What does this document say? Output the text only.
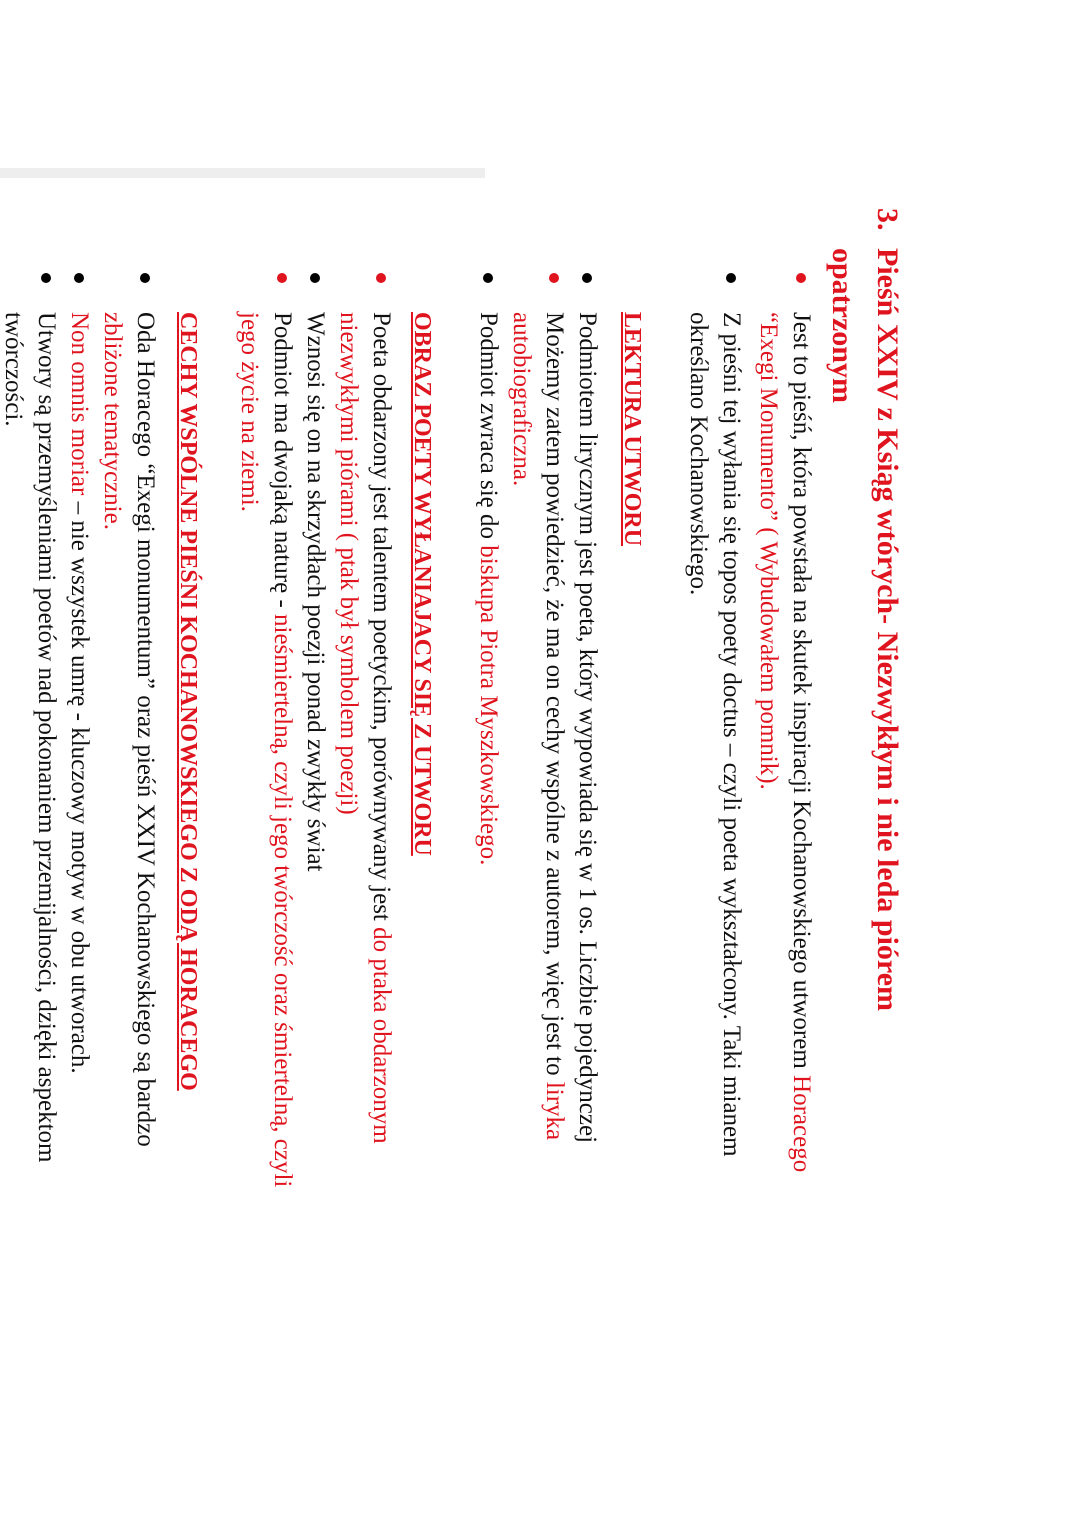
3.Pieśń XXIV z Ksiąg wtórych- Niezwykłym i nie leda piórem
opatrzonym
Jest to pieśń, która powstała na skutek inspiracji Kochanowskiego utworem Horacego “Exegi Monumento” ( Wybudowałem pomnik).
Z pieśni tej wyłania się topos poety doctus – czyli poeta wykształcony. Taki mianem określano Kochanowskiego.
LEKTURA UTWORU
Podmiotem lirycznym jest poeta, który wypowiada się w 1 os. Liczbie pojedynczej
Możemy zatem powiedzieć, że ma on cechy wspólne z autorem, więc jest to liryka autobiograficzna.
Podmiot zwraca się do biskupa Piotra Myszkowskiego.
OBRAZ POETY WYŁANIAJACY SIĘ Z UTWORU
Poeta obdarzony jest talentem poetyckim, porównywany jest do ptaka obdarzonym niezwykłymi piórami ( ptak był symbolem poezji)
Wznosi się on na skrzydłach poezji ponad zwykły świat
Podmiot ma dwojaką naturę - nieśmiertelną, czyli jego twórczość oraz śmiertelną, czyli jego życie na ziemi.
CECHY WSPÓLNE PIEŚNI KOCHANOWSKIEGO Z ODĄ HORACEGO
Oda Horacego “Exegi monumentum” oraz pieśń XXIV Kochanowskiego są bardzo zbliżone tematycznie.
Non omnis moriar – nie wszystek umrę - kluczowy motyw w obu utworach.
Utwory są przemyśleniami poetów nad pokonaniem przemijalności, dzięki aspektom twórczości.
